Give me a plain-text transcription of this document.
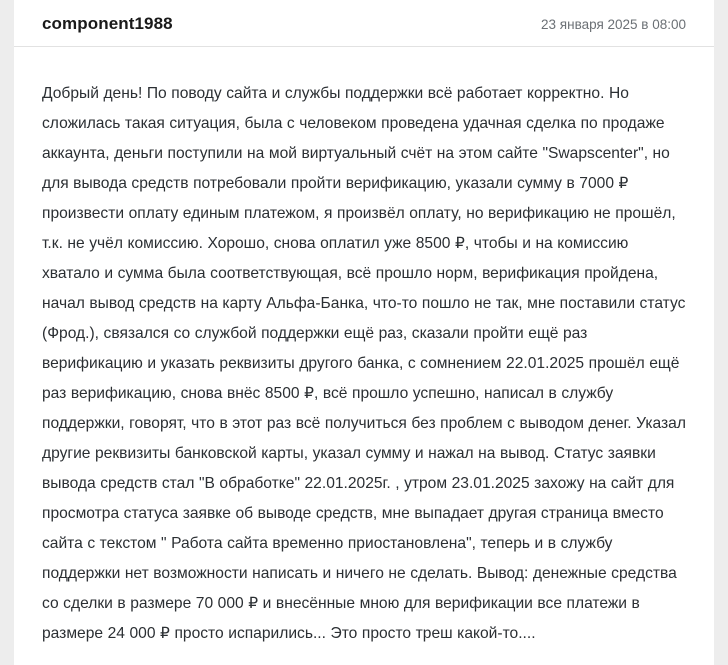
component1988	23 января 2025 в 08:00
Добрый день! По поводу сайта и службы поддержки всё работает корректно. Но сложилась такая ситуация, была с человеком проведена удачная сделка по продаже аккаунта, деньги поступили на мой виртуальный счёт на этом сайте "Swapscenter", но для вывода средств потребовали пройти верификацию, указали сумму в 7000 ₽ произвести оплату единым платежом, я произвёл оплату, но верификацию не прошёл, т.к. не учёл комиссию. Хорошо, снова оплатил уже 8500 ₽, чтобы и на комиссию хватало и сумма была соответствующая, всё прошло норм, верификация пройдена, начал вывод средств на карту Альфа-Банка, что-то пошло не так, мне поставили статус (Фрод.), связался со службой поддержки ещё раз, сказали пройти ещё раз верификацию и указать реквизиты другого банка, с сомнением 22.01.2025 прошёл ещё раз верификацию, снова внёс 8500 ₽, всё прошло успешно, написал в службу поддержки, говорят, что в этот раз всё получиться без проблем с выводом денег. Указал другие реквизиты банковской карты, указал сумму и нажал на вывод. Статус заявки вывода средств стал "В обработке" 22.01.2025г. , утром 23.01.2025 захожу на сайт для просмотра статуса заявке об выводе средств, мне выпадает другая страница вместо сайта с текстом " Работа сайта временно приостановлена", теперь и в службу поддержки нет возможности написать и ничего не сделать. Вывод: денежные средства со сделки в размере 70 000 ₽ и внесённые мною для верификации все платежи в размере 24 000 ₽ просто испарились... Это просто треш какой-то....
